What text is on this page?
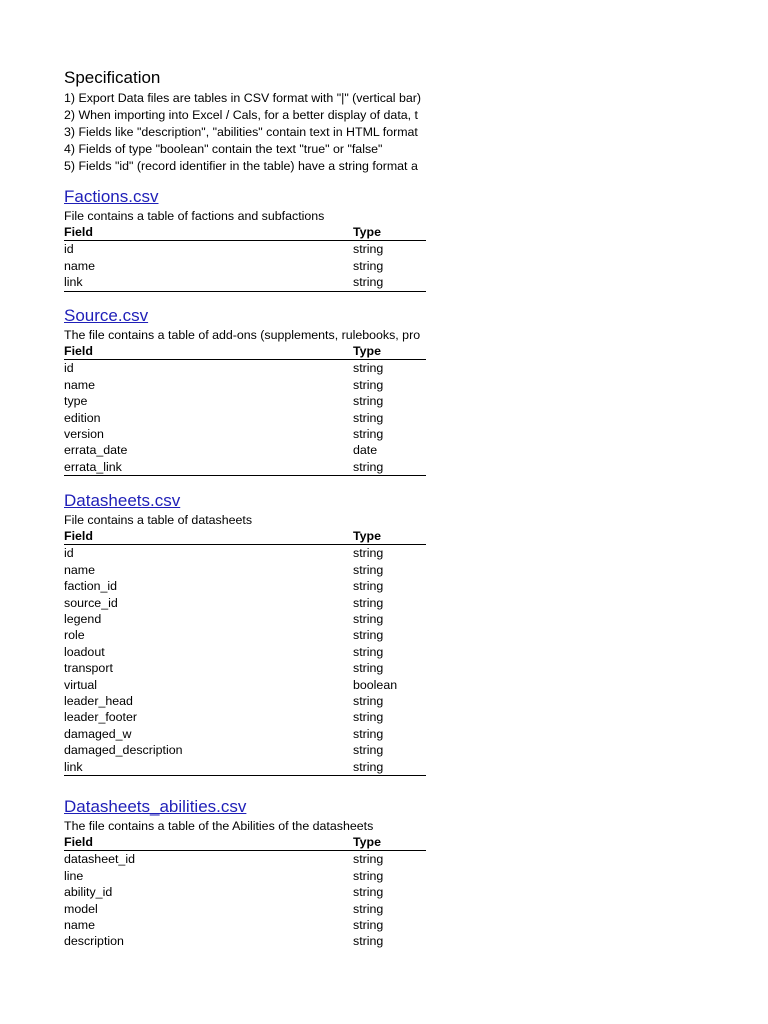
Specification
1) Export Data files are tables in CSV format with "|" (vertical bar)
2) When importing into Excel / Cals, for a better display of data, t
3) Fields like "description", "abilities" contain text in HTML format
4) Fields of type "boolean" contain the text "true" or "false"
5) Fields "id" (record identifier in the table) have a string format a
Factions.csv
File contains a table of factions and subfactions
Field	Type
id	string
name	string
link	string
Source.csv
The file contains a table of add-ons (supplements, rulebooks, pro
Field	Type
id	string
name	string
type	string
edition	string
version	string
errata_date	date
errata_link	string
Datasheets.csv
File contains a table of datasheets
Field	Type
id	string
name	string
faction_id	string
source_id	string
legend	string
role	string
loadout	string
transport	string
virtual	boolean
leader_head	string
leader_footer	string
damaged_w	string
damaged_description	string
link	string
Datasheets_abilities.csv
The file contains a table of the Abilities of the datasheets
Field	Type
datasheet_id	string
line	string
ability_id	string
model	string
name	string
description	string
